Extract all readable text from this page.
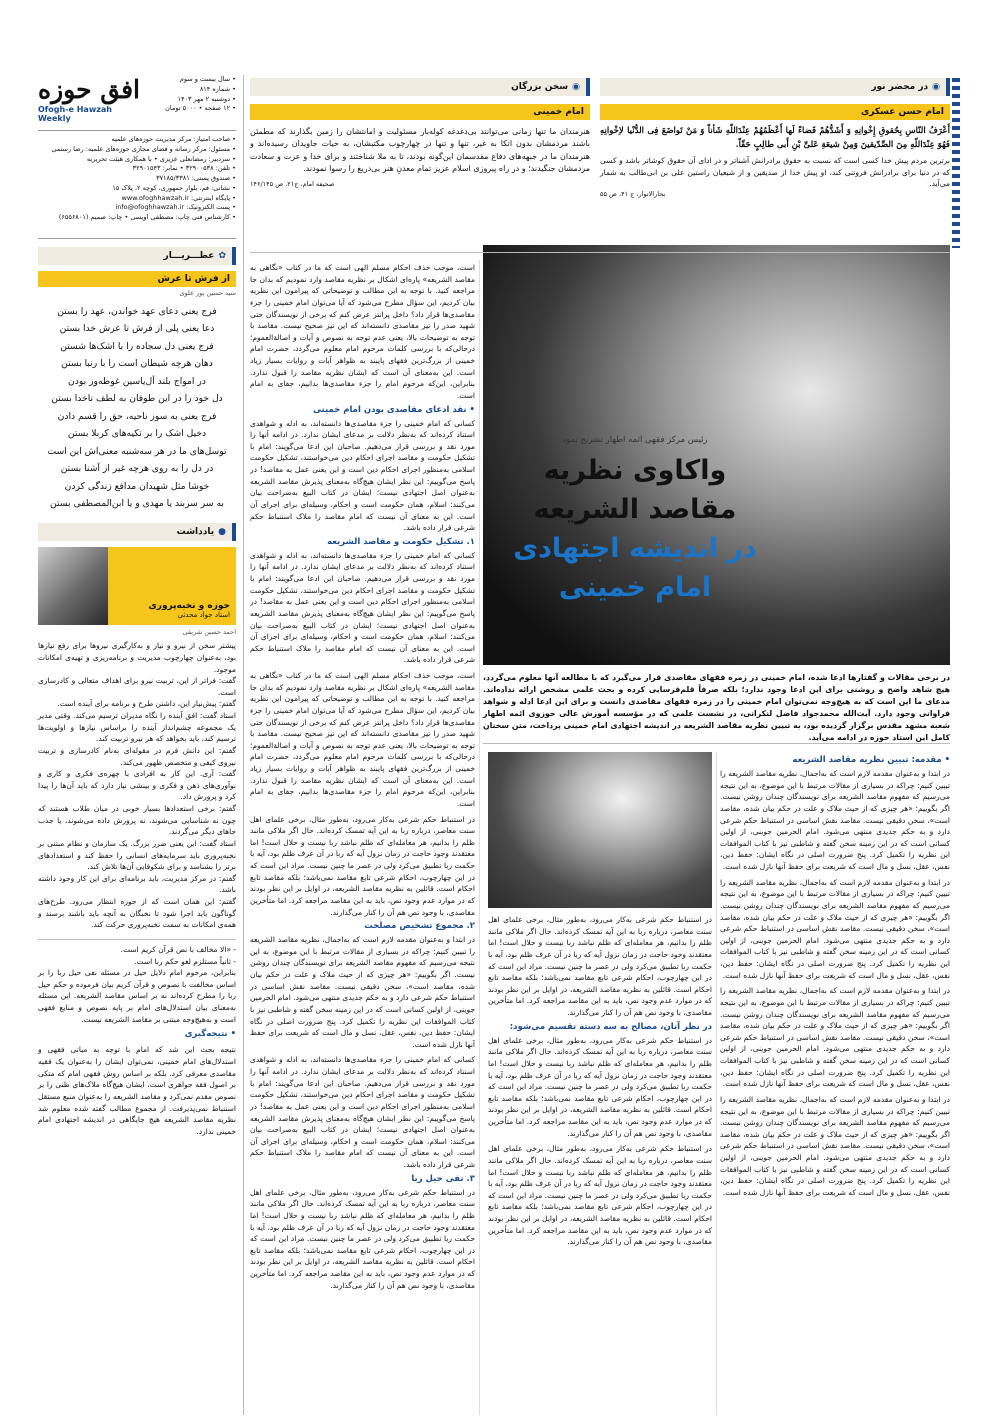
• سال بیست و سوم
• شماره ۸۱۴
• دوشنبه ۲ مهر ۱۴۰۳
• ۱۲ صفحه • ۵۰۰۰ تومان
افق حوزه
Ofogh-e Hawzah Weekly
• صاحب امتیاز: مرکز مدیریت حوزه‌های علمیه
• مسئول: مرکز رسانه و فضای مجازی حوزه‌های علمیه: رضا رستمی
• سردبیر: رمضانعلی عزیزی • با همکاری هیئت تحریریه
• تلفن: ۳۲۹۰۰۵۳۸ • نمابر: ۳۲۹۰۱۵۴۳
• صندوق پستی: ۳۷۱۸۵/۳۳۸۱
• نشانی: قم، بلوار جمهوری، کوچه ۲، پلاک ۱۵
• پایگاه اینترنتی: www.ofoghhawzah.ir
• پست الکترونیک: info@ofoghhawzah.ir
• کارشناس فنی چاپ: مصطفی اویسی • چاپ: صمیم (۶۵۵۶۸۰۱)
✿
عطـــریـــار
از فرش تا عرش
سید حسین پور علوی
فرج یعنی دعای عهد خواندن، عهد را بستن
دعا یعنی پلی از فرش تا عرش خدا بستن
فرج یعنی دل سجاده را با اشک‌ها شستن
دهان هرچه شیطان است را با رنبا بستن
در امواج بلند آل‌یاسین غوطه‌ور بودن
دل خود را در این طوفان به لطف ناخدا بستن
فرج یعنی به سوز ناحیه، حق را قسم دادن
دخیل اشک را بر تکیه‌های کربلا بستن
توسل‌های ما در هر سه‌شنبه معنی‌اش این است
در دل را به روی هرچه غیر از آشنا بستن
خوشا مثل شهیدان مدافع زندگی کردن
به سر سربند یا مهدی و یا ابن‌المصطفی بستن
●
یادداشت
حوزه و نخبه‌پروری
استاد جواد محدثی
احمد حسین شریفی

پیشتر سخن از نیرو و نیاز و به‌کارگیری نیروها برای رفع نیازها بود، به‌عنوان چهارچوب مدیریت و برنامه‌ریزی و تهیه‌ی امکانات موجود.

گفت: فراتر از این، تربیت نیرو برای اهداف متعالی و کادرسازی است.

گفتم: پیش‌نیاز این، داشتن طرح و برنامه برای آینده است.

استاد گفت: افق آینده را نگاه مدیران ترسیم می‌کند. وقتی مدیر یک مجموعه چشم‌انداز آینده را براساس نیازها و اولویت‌ها ترسیم کند، باید بخواهد که هر نیرو تربیت کند.

گفتم: این دانش فرم در مقوله‌ای به‌نام کادرسازی و تربیت نیروی کیفی و متخصص ظهور می‌کند.

گفت: آری. این کار به افرادی با چهره‌ی فکری و کاری و نوآوری‌های ذهن و فکری و بینشی نیاز دارد که باید آن‌ها را پیدا کرد و پرورش داد.

گفتم: برخی استعدادها بسیار خوبی در میان طلاب هستند که چون نه شناسایی می‌شوند، نه پرورش داده می‌شوند، یا جذب جاهای دیگر می‌گردند.

استاد گفت: این یعنی ضرر بزرگ. یک سازمان و نظام مبتنی بر نخبه‌پروری باید سرمایه‌های انسانی را حفظ کند و استعدادهای برتر را بشناسد و برای شکوفایی آن‌ها تلاش کند.

گفتم: در مرکز مدیریت، باید برنامه‌ای برای این کار وجود داشته باشد.

گفتم: این همان است که از حوزه انتظار می‌رود. طرح‌های گوناگون باید اجرا شود تا نخبگان به آنچه باید باشند برسند و همه‌ی امکانات به سمت نخبه‌پروری حرکت کند.

- «الا مخالف با نص قرآن کریم است.
- ثانیاً مستلزم لغو حکم ربا است.

بنابراین، مرحوم امام دلایل حیل در مسئله نفی حیل ربا را بر اساس مخالفت با نصوص و قرآن کریم بیان فرموده و حکم حیل ربا را مطرح کرده‌اند نه بر اساس مقاصد الشریعه. این مسئله به‌معنای بیان استدلال‌های امام بر پایه نصوص و منابع فقهی است و به‌هیچ‌وجه مبتنی بر مقاصد الشریعه نیست.

• نتیجه‌گیری

نتیجه بحث این شد که امام با توجه به مبانی فقهی و استدلال‌های امام خمینی، نمی‌توان ایشان را به‌عنوان یک فقیه مقاصدی معرفی کرد. بلکه بر اساس روش فقهی امام که متکی بر اصول فقه جواهری است، ایشان هیچ‌گاه ملاک‌های ظنی را بر نصوص مقدم نمی‌کرد و مقاصد الشریعه را به‌عنوان منبع مستقل استنباط نمی‌پذیرفت. از مجموع مطالب گفته شده معلوم شد نظریه مقاصد الشریعه هیچ جایگاهی در اندیشه اجتهادی امام خمینی ندارد.

◉
سخن بزرگان
امام خمینی

هنرمندان ما تنها زمانی می‌توانند بی‌دغدغه کوله‌بار مسئولیت و امانتشان را زمین بگذارند که مطمئن باشند مردمشان بدون اتکا به غیر، تنها و تنها در چهارچوب مکتبشان، به حیات جاویدان رسیده‌اند و هنرمندان ما در جبهه‌های دفاع مقدسمان این‌گونه بودند، تا به ملا شناختند و برای خدا و عزت و سعادت مردمشان جنگیدند؛ و در راه پیروزی اسلام عزیز تمام معدنِ هنر بی‌دریغ را رسوا نمودند.

صحیفه امام، ج۲۱، ص ۱۴۶/۱۴۵
◉
در محضر نور
امام حسن عسکری

أَعْرَفُ النّاسِ بِحُقوقِ إِخْوانِهِ وَ أَشَدُّهُمْ قَضاءً لَها أَعْظَمُهُمْ عِنْدَاللّهِ شَأناً وَ مَنْ تَواضَعَ فِى الدُّنْیا لاِخْوانِهِ فَهُوَ عِنْدَاللّهِ مِنَ الصِّدّیقینَ وَمِنْ شیعَةِ عَلىِّ بْنِ أَبى طالِبٍ حَقّاً.

برترین مردم پیش خدا کسی است که نسبت به حقوق برادرانش آشناتر و در ادای آن حقوق کوشاتر باشد و کسی که در دنیا برای برادرانش فروتنی کند، او پیش خدا از صدیقین و از شیعیان راستین علی بن ابی‌طالب به شمار می‌آید.

بحارالانوار، ج ۴۱، ص ۵۵
رئیس مرکز فقهی ائمه اطهار تشریح نمود
واکاوی نظریه
مقاصد الشریعه
در اندیشه اجتهادی
امام خمینی

در برخی مقالات و گفتارها ادعا شده، امام خمینی در زمره فقهای مقاصدی قرار می‌گیرد که با مطالعه آنها معلوم می‌گردد، هیچ شاهد واضح و روشنی برای این ادعا وجود ندارد؛ بلکه صرفاً قلم‌فرسایی کرده و بحث علمی مشخص ارائه نداده‌اند. مدعای ما این است که به هیچ‌وجه نمی‌توان امام خمینی را در زمره فقهای مقاصدی دانست و برای این ادعا ادله و شواهد فراوانی وجود دارد. آیت‌الله محمدجواد فاضل لنکرانی، در نشست علمی که در مؤسسه آموزش عالی حوزوی ائمه اطهار شعبه مشهد مقدس برگزار گردیده بود، به تبیین نظریه مقاصد الشریعه در اندیشه اجتهادی امام خمینی پرداخت، متن سخنان کامل این استاد حوزه در ادامه می‌آید.

• مقدمه: تبیین نظریه مقاصد الشریعه

در ابتدا و به‌عنوان مقدمه لازم است که به‌اجمال، نظریه مقاصد الشریعه را تبیین کنیم: چراکه در بسیاری از مقالات مرتبط با این موضوع، به این نتیجه می‌رسیم که مفهوم مقاصد الشریعه برای نویسندگان چندان روشن نیست. اگر بگوییم: «هر چیزی که از حیث ملاک و علت در حکم بیان شده، مقاصد است»، سخن دقیقی نیست. مقاصد نقش اساسی در استنباط حکم شرعی دارد و به حکم جدیدی منتهی می‌شود. امام الحرمین جوینی، از اولین کسانی است که در این زمینه سخن گفته و شاطبی نیز با کتاب الموافقات این نظریه را تکمیل کرد. پنج ضرورت اصلی در نگاه ایشان: حفظ دین، نفس، عقل، نسل و مال است که شریعت برای حفظ آنها نازل شده است.

در ابتدا و به‌عنوان مقدمه لازم است که به‌اجمال، نظریه مقاصد الشریعه را تبیین کنیم: چراکه در بسیاری از مقالات مرتبط با این موضوع، به این نتیجه می‌رسیم که مفهوم مقاصد الشریعه برای نویسندگان چندان روشن نیست. اگر بگوییم: «هر چیزی که از حیث ملاک و علت در حکم بیان شده، مقاصد است»، سخن دقیقی نیست. مقاصد نقش اساسی در استنباط حکم شرعی دارد و به حکم جدیدی منتهی می‌شود. امام الحرمین جوینی، از اولین کسانی است که در این زمینه سخن گفته و شاطبی نیز با کتاب الموافقات این نظریه را تکمیل کرد. پنج ضرورت اصلی در نگاه ایشان: حفظ دین، نفس، عقل، نسل و مال است که شریعت برای حفظ آنها نازل شده است.

در ابتدا و به‌عنوان مقدمه لازم است که به‌اجمال، نظریه مقاصد الشریعه را تبیین کنیم: چراکه در بسیاری از مقالات مرتبط با این موضوع، به این نتیجه می‌رسیم که مفهوم مقاصد الشریعه برای نویسندگان چندان روشن نیست. اگر بگوییم: «هر چیزی که از حیث ملاک و علت در حکم بیان شده، مقاصد است»، سخن دقیقی نیست. مقاصد نقش اساسی در استنباط حکم شرعی دارد و به حکم جدیدی منتهی می‌شود. امام الحرمین جوینی، از اولین کسانی است که در این زمینه سخن گفته و شاطبی نیز با کتاب الموافقات این نظریه را تکمیل کرد. پنج ضرورت اصلی در نگاه ایشان: حفظ دین، نفس، عقل، نسل و مال است که شریعت برای حفظ آنها نازل شده است.

در ابتدا و به‌عنوان مقدمه لازم است که به‌اجمال، نظریه مقاصد الشریعه را تبیین کنیم: چراکه در بسیاری از مقالات مرتبط با این موضوع، به این نتیجه می‌رسیم که مفهوم مقاصد الشریعه برای نویسندگان چندان روشن نیست. اگر بگوییم: «هر چیزی که از حیث ملاک و علت در حکم بیان شده، مقاصد است»، سخن دقیقی نیست. مقاصد نقش اساسی در استنباط حکم شرعی دارد و به حکم جدیدی منتهی می‌شود. امام الحرمین جوینی، از اولین کسانی است که در این زمینه سخن گفته و شاطبی نیز با کتاب الموافقات این نظریه را تکمیل کرد. پنج ضرورت اصلی در نگاه ایشان: حفظ دین، نفس، عقل، نسل و مال است که شریعت برای حفظ آنها نازل شده است.

در استنباط حکم شرعی به‌کار می‌رود، به‌طور مثال، برخی علمای اهل سنت معاصر، درباره ربا به این آیه تمسک کرده‌اند. حال اگر ملاکی مانند ظلم را بدانیم، هر معامله‌ای که ظلم نباشد ربا نیست و حلال است! اما معتقدند وجود حاجت در زمان نزول آیه که ربا در آن عرف ظلم بود، آیه با حکمت ربا تطبیق می‌کرد ولی در عصر ما چنین نیست. مراد این است که در این چهارچوب، احکام شرعی تابع مقاصد نمی‌باشد؛ بلکه مقاصد تابع احکام است. قائلین به نظریه مقاصد الشریعه، در اوایل بر این نظر بودند که در موارد عدم وجود نص، باید به این مقاصد مراجعه کرد. اما متأخرین مقاصدی، با وجود نص هم آن را کنار می‌گذارند.

در نظر آنان، مصالح به سه دسته تقسیم می‌شود:

در استنباط حکم شرعی به‌کار می‌رود، به‌طور مثال، برخی علمای اهل سنت معاصر، درباره ربا به این آیه تمسک کرده‌اند. حال اگر ملاکی مانند ظلم را بدانیم، هر معامله‌ای که ظلم نباشد ربا نیست و حلال است! اما معتقدند وجود حاجت در زمان نزول آیه که ربا در آن عرف ظلم بود، آیه با حکمت ربا تطبیق می‌کرد ولی در عصر ما چنین نیست. مراد این است که در این چهارچوب، احکام شرعی تابع مقاصد نمی‌باشد؛ بلکه مقاصد تابع احکام است. قائلین به نظریه مقاصد الشریعه، در اوایل بر این نظر بودند که در موارد عدم وجود نص، باید به این مقاصد مراجعه کرد. اما متأخرین مقاصدی، با وجود نص هم آن را کنار می‌گذارند.

در استنباط حکم شرعی به‌کار می‌رود، به‌طور مثال، برخی علمای اهل سنت معاصر، درباره ربا به این آیه تمسک کرده‌اند. حال اگر ملاکی مانند ظلم را بدانیم، هر معامله‌ای که ظلم نباشد ربا نیست و حلال است! اما معتقدند وجود حاجت در زمان نزول آیه که ربا در آن عرف ظلم بود، آیه با حکمت ربا تطبیق می‌کرد ولی در عصر ما چنین نیست. مراد این است که در این چهارچوب، احکام شرعی تابع مقاصد نمی‌باشد؛ بلکه مقاصد تابع احکام است. قائلین به نظریه مقاصد الشریعه، در اوایل بر این نظر بودند که در موارد عدم وجود نص، باید به این مقاصد مراجعه کرد. اما متأخرین مقاصدی، با وجود نص هم آن را کنار می‌گذارند.

است، موجب حذف احکام مسلم الهی است که ما در کتاب «نگاهی به مقاصد الشریعه» پاره‌ای اشکال بر نظریه مقاصد وارد نمودیم که بدان جا مراجعه کنید. با توجه به این مطالب و توضیحاتی که پیرامون این نظریه بیان کردیم، این سؤال مطرح می‌شود که آیا می‌توان امام خمینی را جزء مقاصدی‌ها قرار داد؟ داخل پرانتز عرض کنم که برخی از نویسندگان حتی شهید صدر را نیز مقاصدی دانسته‌اند که این نیز صحیح نیست. مقاصد با توجه به توضیحات بالا، یعنی عدم توجه به نصوص و آیات و اصالة‌العموم؛ درحالی‌که با بررسی کلمات مرحوم امام معلوم می‌گردد، حضرت امام خمینی از بزرگ‌ترین فقهای پایبند به ظواهر آیات و روایات بسیار زیاد است. این به‌معنای آن است که ایشان نظریه مقاصد را قبول ندارد. بنابراین، این‌که مرحوم امام را جزء مقاصدی‌ها بدانیم، جفای به امام است.

• نقد ادعای مقاصدی بودن امام خمینی

کسانی که امام خمینی را جزء مقاصدی‌ها دانسته‌اند، به ادله و شواهدی استناد کرده‌اند که به‌نظر دلالت بر مدعای ایشان ندارد. در ادامه آنها را مورد نقد و بررسی قرار می‌دهیم. صاحبان این ادعا می‌گویند: امام با تشکیل حکومت و مقاصد اجرای احکام دین می‌خواستند، تشکیل حکومت اسلامی به‌منظور اجرای احکام دین است و این یعنی عمل به مقاصد! در پاسخ می‌گوییم: این نظر ایشان هیچ‌گاه به‌معنای پذیرش مقاصد الشریعه به‌عنوان اصل اجتهادی نیست؛ ایشان در کتاب البیع به‌صراحت بیان می‌کنند: اسلام، همان حکومت است و احکام، وسیله‌ای برای اجرای آن است. این به معنای آن نیست که امام مقاصد را ملاک استنباط حکم شرعی قرار داده باشد.

۱. تشکیل حکومت و مقاصد الشریعه

کسانی که امام خمینی را جزء مقاصدی‌ها دانسته‌اند، به ادله و شواهدی استناد کرده‌اند که به‌نظر دلالت بر مدعای ایشان ندارد. در ادامه آنها را مورد نقد و بررسی قرار می‌دهیم. صاحبان این ادعا می‌گویند: امام با تشکیل حکومت و مقاصد اجرای احکام دین می‌خواستند، تشکیل حکومت اسلامی به‌منظور اجرای احکام دین است و این یعنی عمل به مقاصد! در پاسخ می‌گوییم: این نظر ایشان هیچ‌گاه به‌معنای پذیرش مقاصد الشریعه به‌عنوان اصل اجتهادی نیست؛ ایشان در کتاب البیع به‌صراحت بیان می‌کنند: اسلام، همان حکومت است و احکام، وسیله‌ای برای اجرای آن است. این به معنای آن نیست که امام مقاصد را ملاک استنباط حکم شرعی قرار داده باشد.

است، موجب حذف احکام مسلم الهی است که ما در کتاب «نگاهی به مقاصد الشریعه» پاره‌ای اشکال بر نظریه مقاصد وارد نمودیم که بدان جا مراجعه کنید. با توجه به این مطالب و توضیحاتی که پیرامون این نظریه بیان کردیم، این سؤال مطرح می‌شود که آیا می‌توان امام خمینی را جزء مقاصدی‌ها قرار داد؟ داخل پرانتز عرض کنم که برخی از نویسندگان حتی شهید صدر را نیز مقاصدی دانسته‌اند که این نیز صحیح نیست. مقاصد با توجه به توضیحات بالا، یعنی عدم توجه به نصوص و آیات و اصالة‌العموم؛ درحالی‌که با بررسی کلمات مرحوم امام معلوم می‌گردد، حضرت امام خمینی از بزرگ‌ترین فقهای پایبند به ظواهر آیات و روایات بسیار زیاد است. این به‌معنای آن است که ایشان نظریه مقاصد را قبول ندارد. بنابراین، این‌که مرحوم امام را جزء مقاصدی‌ها بدانیم، جفای به امام است.

در استنباط حکم شرعی به‌کار می‌رود، به‌طور مثال، برخی علمای اهل سنت معاصر، درباره ربا به این آیه تمسک کرده‌اند. حال اگر ملاکی مانند ظلم را بدانیم، هر معامله‌ای که ظلم نباشد ربا نیست و حلال است! اما معتقدند وجود حاجت در زمان نزول آیه که ربا در آن عرف ظلم بود، آیه با حکمت ربا تطبیق می‌کرد ولی در عصر ما چنین نیست. مراد این است که در این چهارچوب، احکام شرعی تابع مقاصد نمی‌باشد؛ بلکه مقاصد تابع احکام است. قائلین به نظریه مقاصد الشریعه، در اوایل بر این نظر بودند که در موارد عدم وجود نص، باید به این مقاصد مراجعه کرد. اما متأخرین مقاصدی، با وجود نص هم آن را کنار می‌گذارند.

۲. مجموع تشخیص مصلحت

در ابتدا و به‌عنوان مقدمه لازم است که به‌اجمال، نظریه مقاصد الشریعه را تبیین کنیم: چراکه در بسیاری از مقالات مرتبط با این موضوع، به این نتیجه می‌رسیم که مفهوم مقاصد الشریعه برای نویسندگان چندان روشن نیست. اگر بگوییم: «هر چیزی که از حیث ملاک و علت در حکم بیان شده، مقاصد است»، سخن دقیقی نیست. مقاصد نقش اساسی در استنباط حکم شرعی دارد و به حکم جدیدی منتهی می‌شود. امام الحرمین جوینی، از اولین کسانی است که در این زمینه سخن گفته و شاطبی نیز با کتاب الموافقات این نظریه را تکمیل کرد. پنج ضرورت اصلی در نگاه ایشان: حفظ دین، نفس، عقل، نسل و مال است که شریعت برای حفظ آنها نازل شده است.

کسانی که امام خمینی را جزء مقاصدی‌ها دانسته‌اند، به ادله و شواهدی استناد کرده‌اند که به‌نظر دلالت بر مدعای ایشان ندارد. در ادامه آنها را مورد نقد و بررسی قرار می‌دهیم. صاحبان این ادعا می‌گویند: امام با تشکیل حکومت و مقاصد اجرای احکام دین می‌خواستند، تشکیل حکومت اسلامی به‌منظور اجرای احکام دین است و این یعنی عمل به مقاصد! در پاسخ می‌گوییم: این نظر ایشان هیچ‌گاه به‌معنای پذیرش مقاصد الشریعه به‌عنوان اصل اجتهادی نیست؛ ایشان در کتاب البیع به‌صراحت بیان می‌کنند: اسلام، همان حکومت است و احکام، وسیله‌ای برای اجرای آن است. این به معنای آن نیست که امام مقاصد را ملاک استنباط حکم شرعی قرار داده باشد.

۳. نفی حیل ربا

در استنباط حکم شرعی به‌کار می‌رود، به‌طور مثال، برخی علمای اهل سنت معاصر، درباره ربا به این آیه تمسک کرده‌اند. حال اگر ملاکی مانند ظلم را بدانیم، هر معامله‌ای که ظلم نباشد ربا نیست و حلال است! اما معتقدند وجود حاجت در زمان نزول آیه که ربا در آن عرف ظلم بود، آیه با حکمت ربا تطبیق می‌کرد ولی در عصر ما چنین نیست. مراد این است که در این چهارچوب، احکام شرعی تابع مقاصد نمی‌باشد؛ بلکه مقاصد تابع احکام است. قائلین به نظریه مقاصد الشریعه، در اوایل بر این نظر بودند که در موارد عدم وجود نص، باید به این مقاصد مراجعه کرد. اما متأخرین مقاصدی، با وجود نص هم آن را کنار می‌گذارند.
